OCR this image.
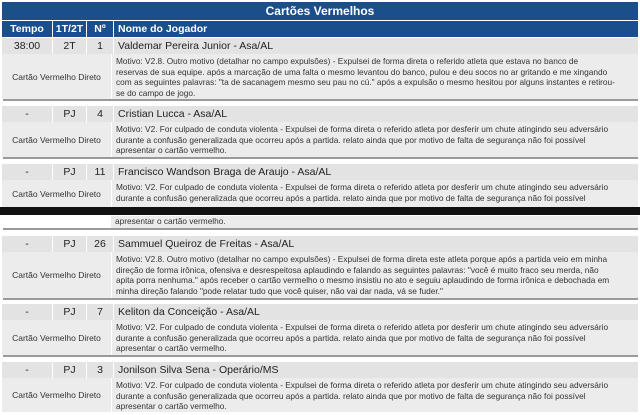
Cartões Vermelhos
Tempo	1T/2T	Nº	Nome do Jogador
38:00	2T	1	Valdemar Pereira Junior - Asa/AL
Cartão Vermelho Direto
Motivo: V2.8. Outro motivo (detalhar no campo expulsões) - Expulsei de forma direta o referido atleta que estava no banco de
reservas de sua equipe. após a marcação de uma falta o mesmo levantou do banco, pulou e deu socos no ar gritando e me xingando
com as seguintes palavras: "ta de sacanagem mesmo seu pau no cú." após a expulsão o mesmo hesitou por alguns instantes e retirou-
se do campo de jogo.
-	PJ	4	Cristian Lucca - Asa/AL
Cartão Vermelho Direto
Motivo: V2. For culpado de conduta violenta - Expulsei de forma direta o referido atleta por desferir um chute atingindo seu adversário
durante a confusão generalizada que ocorreu após a partida. relato ainda que por motivo de falta de segurança não foi possível
apresentar o cartão vermelho.
-	PJ	11	Francisco Wandson Braga de Araujo - Asa/AL
Cartão Vermelho Direto
Motivo: V2. For culpado de conduta violenta - Expulsei de forma direta o referido atleta por desferir um chute atingindo seu adversário
durante a confusão generalizada que ocorreu após a partida. relato ainda que por motivo de falta de segurança não foi possível
apresentar o cartão vermelho.
-	PJ	26	Sammuel Queiroz de Freitas - Asa/AL
Cartão Vermelho Direto
Motivo: V2.8. Outro motivo (detalhar no campo expulsões) - Expulsei de forma direta este atleta porque após a partida veio em minha
direção de forma irônica, ofensiva e desrespeitosa aplaudindo e falando as seguintes palavras: "você é muito fraco seu merda, não
apita porra nenhuma." após receber o cartão vermelho o mesmo insistiu no ato e seguiu aplaudindo de forma irônica e debochada em
minha direção falando "pode relatar tudo que você quiser, não vai dar nada, vá se fuder."
-	PJ	7	Keliton da Conceição - Asa/AL
Cartão Vermelho Direto
Motivo: V2. For culpado de conduta violenta - Expulsei de forma direta o referido atleta por desferir um chute atingindo seu adversário
durante a confusão generalizada que ocorreu após a partida. relato ainda que por motivo de falta de segurança não foi possível
apresentar o cartão vermelho.
-	PJ	3	Jonilson Silva Sena - Operário/MS
Cartão Vermelho Direto
Motivo: V2. For culpado de conduta violenta - Expulsei de forma direta o referido atleta por desferir um chute atingindo seu adversário
durante a confusão generalizada que ocorreu após a partida. relato ainda que por motivo de falta de segurança não foi possível
apresentar o cartão vermelho.
